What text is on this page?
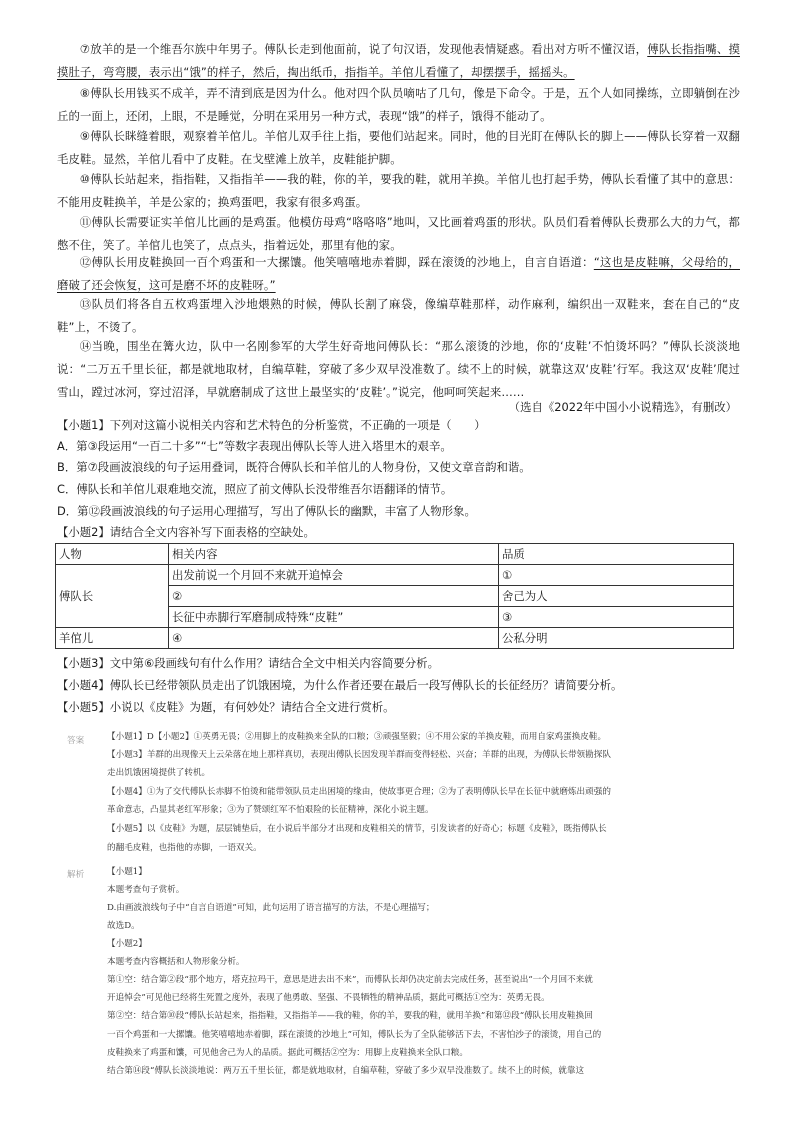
⑦放羊的是一个维吾尔族中年男子。傅队长走到他面前，说了句汉语，发现他表情疑惑。看出对方听不懂汉语，傅队长指指嘴、摸摸肚子，弯弯腰，表示出“饿”的样子，然后，掏出纸币，指指羊。羊倌儿看懂了，却摆摆手，摇摇头。

⑧傅队长用钱买不成羊，弄不清到底是因为什么。他对四个队员嘀咕了几句，像是下命令。于是，五个人如同操练，立即躺倒在沙丘的一面上，还闭，上眼，不是睡觉，分明在采用另一种方式，表现“饿”的样子，饿得不能动了。

⑨傅队长眯缝着眼，观察着羊倌儿。羊倌儿双手往上指，要他们站起来。同时，他的目光盯在傅队长的脚上——傅队长穿着一双翻毛皮鞋。显然，羊倌儿看中了皮鞋。在戈壁滩上放羊，皮鞋能护脚。

⑩傅队长站起来，指指鞋，又指指羊——我的鞋，你的羊，要我的鞋，就用羊换。羊倌儿也打起手势，傅队长看懂了其中的意思：不能用皮鞋换羊，羊是公家的；换鸡蛋吧，我家有很多鸡蛋。

⑪傅队长需要证实羊倌儿比画的是鸡蛋。他模仿母鸡“咯咯咯”地叫，又比画着鸡蛋的形状。队员们看着傅队长费那么大的力气，都憋不住，笑了。羊倌儿也笑了，点点头，指着远处，那里有他的家。

⑫傅队长用皮鞋换回一百个鸡蛋和一大摞馕。他笑嘻嘻地赤着脚，踩在滚烫的沙地上，自言自语道：“这也是皮鞋嘛，父母给的，磨破了还会恢复，这可是磨不坏的皮鞋呀。”

⑬队员们将各自五枚鸡蛋埋入沙地煨熟的时候，傅队长割了麻袋，像编草鞋那样，动作麻利，编织出一双鞋来，套在自己的“皮鞋”上，不烫了。

⑭当晚，围坐在篝火边，队中一名刚参军的大学生好奇地问傅队长：“那么滚烫的沙地，你的‘皮鞋’不怕烫坏吗？”傅队长淡淡地说：“二万五千里长征，都是就地取材，自编草鞋，穿破了多少双早没准数了。续不上的时候，就靠这双‘皮鞋’行军。我这双‘皮鞋’爬过雪山，蹚过冰河，穿过沼泽，早就磨制成了这世上最坚实的‘皮鞋’。”说完，他呵呵笑起来……

（选自《2022年中国小小说精选》，有删改）

【小题1】下列对这篇小说相关内容和艺术特色的分析鉴赏，不正确的一项是（　　）

A．第③段运用“一百二十多”“七”等数字表现出傅队长等人进入塔里木的艰辛。

B．第⑦段画波浪线的句子运用叠词，既符合傅队长和羊倌儿的人物身份，又使文章音韵和谐。

C．傅队长和羊倌儿艰难地交流，照应了前文傅队长没带维吾尔语翻译的情节。

D．第⑫段画波浪线的句子运用心理描写，写出了傅队长的幽默，丰富了人物形象。

【小题2】请结合全文内容补写下面表格的空缺处。

人物	相关内容	品质
傅队长	出发前说一个月回不来就开追悼会	①
	②	舍己为人
	长征中赤脚行军磨制成特殊“皮鞋”	③
羊倌儿	④	公私分明

【小题3】文中第⑥段画线句有什么作用？请结合全文中相关内容简要分析。

【小题4】傅队长已经带领队员走出了饥饿困境，为什么作者还要在最后一段写傅队长的长征经历？请简要分析。

【小题5】小说以《皮鞋》为题，有何妙处？请结合全文进行赏析。

答案	【小题1】D【小题2】①英勇无畏；②用脚上的皮鞋换来全队的口粮；③顽强坚毅；④不用公家的羊换皮鞋，而用自家鸡蛋换皮鞋。

【小题3】羊群的出现像天上云朵落在地上那样真切，表现出傅队长因发现羊群而变得轻松、兴奋；羊群的出现，为傅队长带领勘探队

走出饥饿困境提供了转机。

【小题4】①为了交代傅队长赤脚不怕烫和能带领队员走出困境的缘由，使故事更合理；②为了表明傅队长早在长征中就磨炼出顽强的

革命意志，凸显其老红军形象；③为了赞颂红军不怕艰险的长征精神，深化小说主题。

【小题5】以《皮鞋》为题，层层铺垫后，在小说后半部分才出现和皮鞋相关的情节，引发读者的好奇心；标题《皮鞋》，既指傅队长

的翻毛皮鞋，也指他的赤脚，一语双关。

解析	【小题1】

本题考查句子赏析。

D.由画波浪线句子中“自言自语道”可知，此句运用了语言描写的方法，不是心理描写；

故选D。

【小题2】

本题考查内容概括和人物形象分析。

第①空：结合第②段“那个地方，塔克拉玛干，意思是进去出不来”，而傅队长却仍决定前去完成任务，甚至说出“一个月回不来就

开追悼会”可见他已经将生死置之度外，表现了他勇敢、坚强、不畏牺牲的精神品质，据此可概括①空为：英勇无畏。

第②空：结合第⑩段“傅队长站起来，指指鞋，又指指羊——我的鞋，你的羊，要我的鞋，就用羊换”和第⑫段“傅队长用皮鞋换回

一百个鸡蛋和一大摞馕。他笑嘻嘻地赤着脚，踩在滚烫的沙地上”可知，傅队长为了全队能够活下去，不害怕沙子的滚烫，用自己的

皮鞋换来了鸡蛋和馕，可见他舍己为人的品质。据此可概括②空为：用脚上皮鞋换来全队口粮。

结合第⑭段“傅队长淡淡地说：两万五千里长征，都是就地取材，自编草鞋，穿破了多少双早没准数了。续不上的时候，就靠这
